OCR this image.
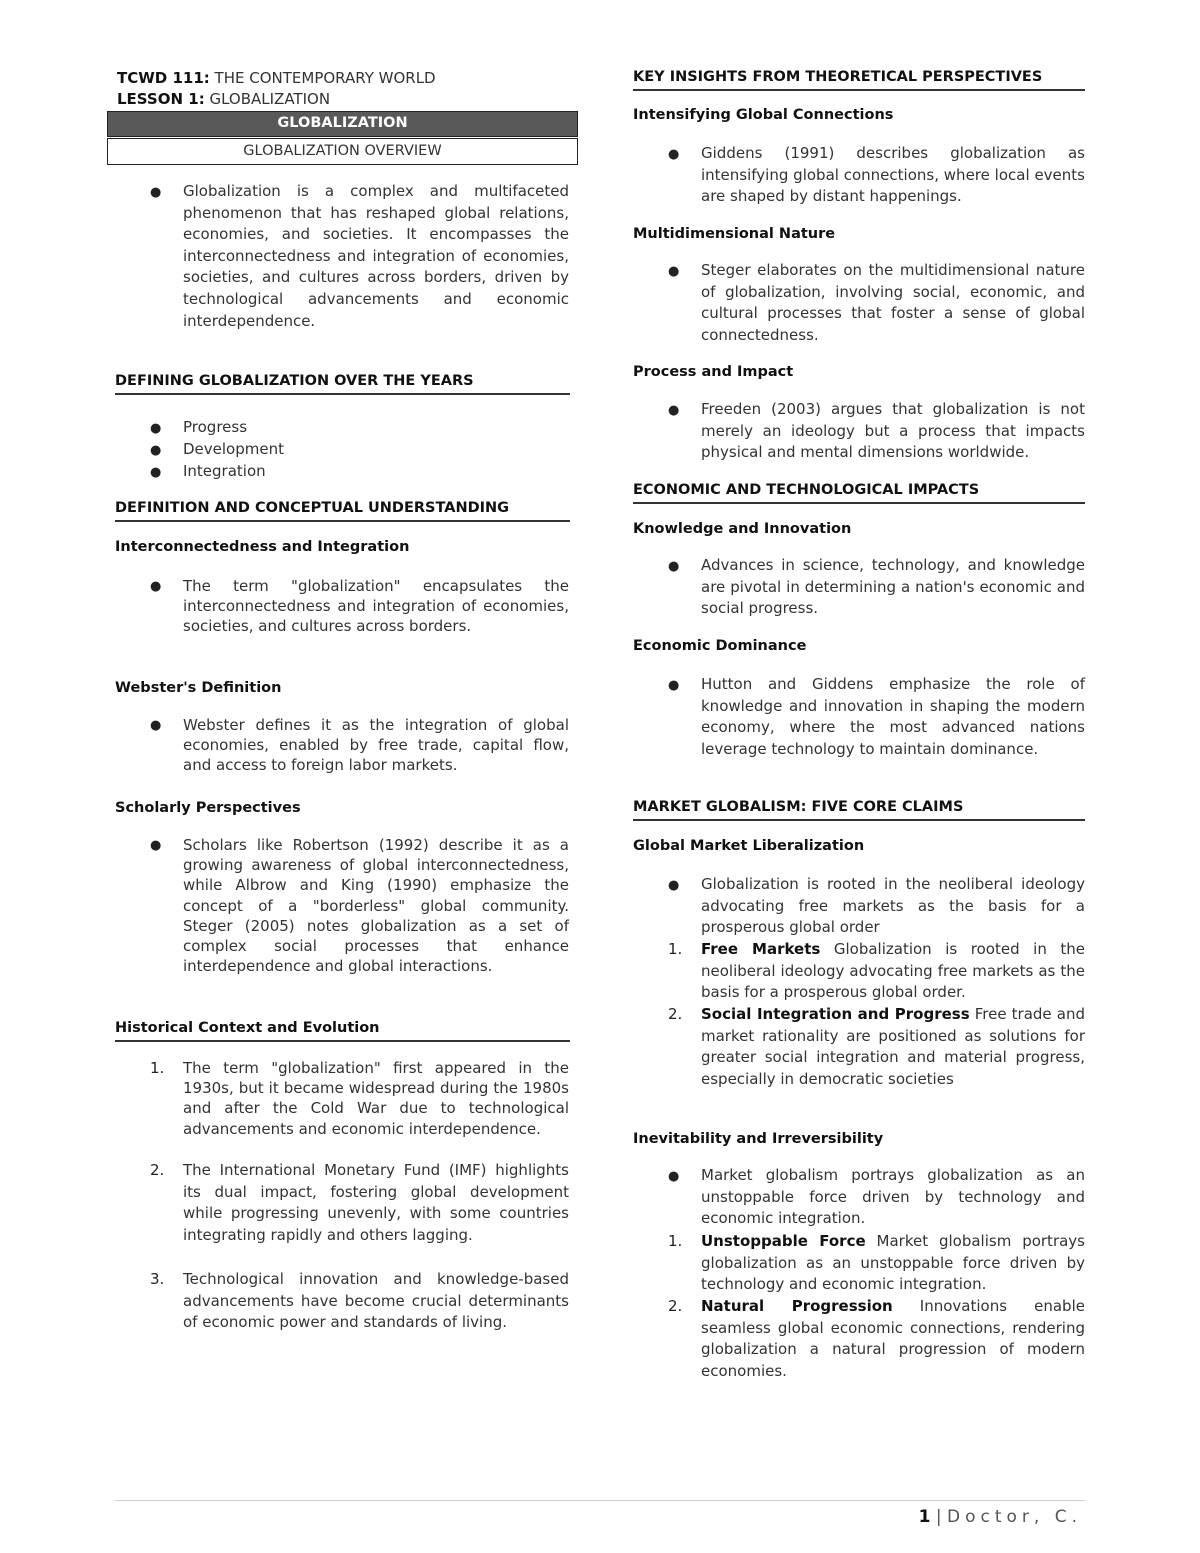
TCWD 111: THE CONTEMPORARY WORLD
LESSON 1: GLOBALIZATION
GLOBALIZATION
GLOBALIZATION OVERVIEW
●	Globalization is a complex and multifaceted phenomenon that has reshaped global relations, economies, and societies. It encompasses the interconnectedness and integration of economies, societies, and cultures across borders, driven by technological advancements and economic interdependence.
DEFINING GLOBALIZATION OVER THE YEARS
●	Progress
●	Development
●	Integration
DEFINITION AND CONCEPTUAL UNDERSTANDING
Interconnectedness and Integration
●	The term "globalization" encapsulates the interconnectedness and integration of economies, societies, and cultures across borders.
Webster's Definition
●	Webster defines it as the integration of global economies, enabled by free trade, capital flow, and access to foreign labor markets.
Scholarly Perspectives
●	Scholars like Robertson (1992) describe it as a growing awareness of global interconnectedness, while Albrow and King (1990) emphasize the concept of a "borderless" global community. Steger (2005) notes globalization as a set of complex social processes that enhance interdependence and global interactions.
Historical Context and Evolution
1.	The term "globalization" first appeared in the 1930s, but it became widespread during the 1980s and after the Cold War due to technological advancements and economic interdependence.
2.	The International Monetary Fund (IMF) highlights its dual impact, fostering global development while progressing unevenly, with some countries integrating rapidly and others lagging.
3.	Technological innovation and knowledge-based advancements have become crucial determinants of economic power and standards of living.
KEY INSIGHTS FROM THEORETICAL PERSPECTIVES
Intensifying Global Connections
●	Giddens (1991) describes globalization as intensifying global connections, where local events are shaped by distant happenings.
Multidimensional Nature
●	Steger elaborates on the multidimensional nature of globalization, involving social, economic, and cultural processes that foster a sense of global connectedness.
Process and Impact
●	Freeden (2003) argues that globalization is not merely an ideology but a process that impacts physical and mental dimensions worldwide.
ECONOMIC AND TECHNOLOGICAL IMPACTS
Knowledge and Innovation
●	Advances in science, technology, and knowledge are pivotal in determining a nation's economic and social progress.
Economic Dominance
●	Hutton and Giddens emphasize the role of knowledge and innovation in shaping the modern economy, where the most advanced nations leverage technology to maintain dominance.
MARKET GLOBALISM: FIVE CORE CLAIMS
Global Market Liberalization
●	Globalization is rooted in the neoliberal ideology advocating free markets as the basis for a prosperous global order
1.	Free Markets Globalization is rooted in the neoliberal ideology advocating free markets as the basis for a prosperous global order.
2.	Social Integration and Progress Free trade and market rationality are positioned as solutions for greater social integration and material progress, especially in democratic societies
Inevitability and Irreversibility
●	Market globalism portrays globalization as an unstoppable force driven by technology and economic integration.
1.	Unstoppable Force Market globalism portrays globalization as an unstoppable force driven by technology and economic integration.
2.	Natural Progression Innovations enable seamless global economic connections, rendering globalization a natural progression of modern economies.
1 | Doctor, C.
